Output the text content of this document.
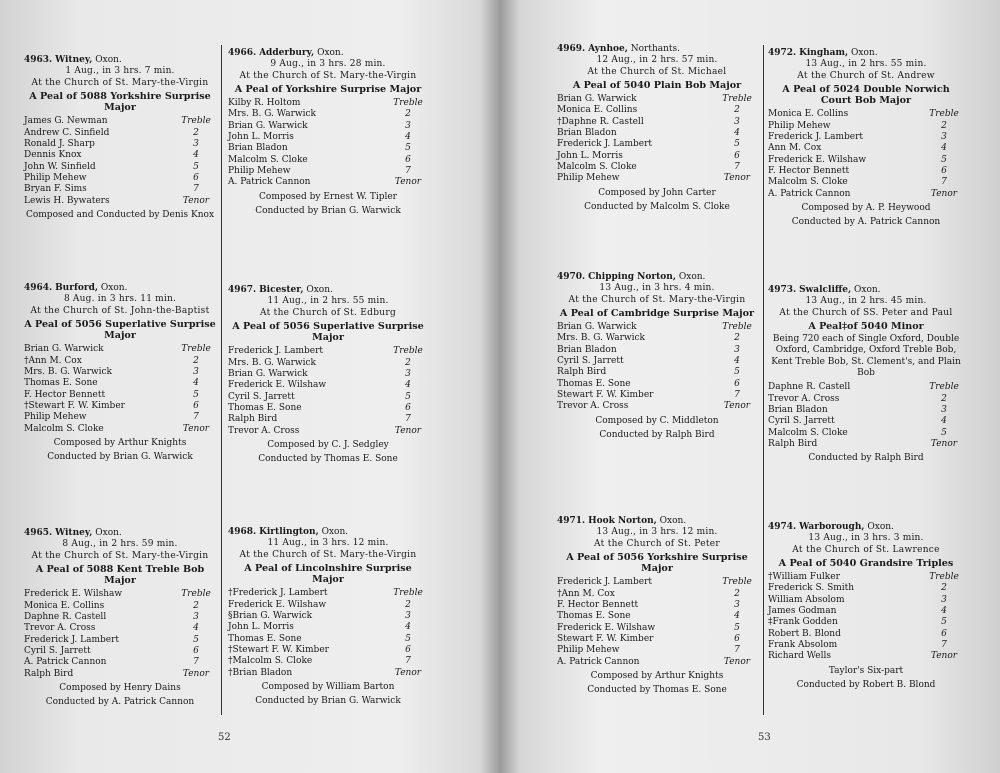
52	53
4963. Witney, Oxon.
1 Aug., in 3 hrs. 7 min.
At the Church of St. Mary-the-Virgin
A Peal of 5088 Yorkshire Surprise Major
James G. Newman	Treble
Andrew C. Sinfield	2
Ronald J. Sharp	3
Dennis Knox	4
John W. Sinfield	5
Philip Mehew	6
Bryan F. Sims	7
Lewis H. Bywaters	Tenor
Composed and Conducted by Denis Knox
4964. Burford, Oxon.
8 Aug. in 3 hrs. 11 min.
At the Church of St. John-the-Baptist
A Peal of 5056 Superlative Surprise Major
Brian G. Warwick	Treble
†Ann M. Cox	2
Mrs. B. G. Warwick	3
Thomas E. Sone	4
F. Hector Bennett	5
†Stewart F. W. Kimber	6
Philip Mehew	7
Malcolm S. Cloke	Tenor
Composed by Arthur Knights
Conducted by Brian G. Warwick
4965. Witney, Oxon.
8 Aug., in 2 hrs. 59 min.
At the Church of St. Mary-the-Virgin
A Peal of 5088 Kent Treble Bob Major
Frederick E. Wilshaw	Treble
Monica E. Collins	2
Daphne R. Castell	3
Trevor A. Cross	4
Frederick J. Lambert	5
Cyril S. Jarrett	6
A. Patrick Cannon	7
Ralph Bird	Tenor
Composed by Henry Dains
Conducted by A. Patrick Cannon
4966. Adderbury, Oxon.
9 Aug., in 3 hrs. 28 min.
At the Church of St. Mary-the-Virgin
A Peal of Yorkshire Surprise Major
Kilby R. Holtom	Treble
Mrs. B. G. Warwick	2
Brian G. Warwick	3
John L. Morris	4
Brian Bladon	5
Malcolm S. Cloke	6
Philip Mehew	7
A. Patrick Cannon	Tenor
Composed by Ernest W. Tipler
Conducted by Brian G. Warwick
4967. Bicester, Oxon.
11 Aug., in 2 hrs. 55 min.
At the Church of St. Edburg
A Peal of 5056 Superlative Surprise Major
Frederick J. Lambert	Treble
Mrs. B. G. Warwick	2
Brian G. Warwick	3
Frederick E. Wilshaw	4
Cyril S. Jarrett	5
Thomas E. Sone	6
Ralph Bird	7
Trevor A. Cross	Tenor
Composed by C. J. Sedgley
Conducted by Thomas E. Sone
4968. Kirtlington, Oxon.
11 Aug., in 3 hrs. 12 min.
At the Church of St. Mary-the-Virgin
A Peal of Lincolnshire Surprise Major
†Frederick J. Lambert	Treble
Frederick E. Wilshaw	2
§Brian G. Warwick	3
John L. Morris	4
Thomas E. Sone	5
†Stewart F. W. Kimber	6
†Malcolm S. Cloke	7
†Brian Bladon	Tenor
Composed by William Barton
Conducted by Brian G. Warwick
4969. Aynhoe, Northants.
12 Aug., in 2 hrs. 57 min.
At the Church of St. Michael
A Peal of 5040 Plain Bob Major
Brian G. Warwick	Treble
Monica E. Collins	2
†Daphne R. Castell	3
Brian Bladon	4
Frederick J. Lambert	5
John L. Morris	6
Malcolm S. Cloke	7
Philip Mehew	Tenor
Composed by John Carter
Conducted by Malcolm S. Cloke
4970. Chipping Norton, Oxon.
13 Aug., in 3 hrs. 4 min.
At the Church of St. Mary-the-Virgin
A Peal of Cambridge Surprise Major
Brian G. Warwick	Treble
Mrs. B. G. Warwick	2
Brian Bladon	3
Cyril S. Jarrett	4
Ralph Bird	5
Thomas E. Sone	6
Stewart F. W. Kimber	7
Trevor A. Cross	Tenor
Composed by C. Middleton
Conducted by Ralph Bird
4971. Hook Norton, Oxon.
13 Aug., in 3 hrs. 12 min.
At the Church of St. Peter
A Peal of 5056 Yorkshire Surprise Major
Frederick J. Lambert	Treble
†Ann M. Cox	2
F. Hector Bennett	3
Thomas E. Sone	4
Frederick E. Wilshaw	5
Stewart F. W. Kimber	6
Philip Mehew	7
A. Patrick Cannon	Tenor
Composed by Arthur Knights
Conducted by Thomas E. Sone
4972. Kingham, Oxon.
13 Aug., in 2 hrs. 55 min.
At the Church of St. Andrew
A Peal of 5024 Double Norwich Court Bob Major
Monica E. Collins	Treble
Philip Mehew	2
Frederick J. Lambert	3
Ann M. Cox	4
Frederick E. Wilshaw	5
F. Hector Bennett	6
Malcolm S. Cloke	7
A. Patrick Cannon	Tenor
Composed by A. P. Heywood
Conducted by A. Patrick Cannon
4973. Swalcliffe, Oxon.
13 Aug., in 2 hrs. 45 min.
At the Church of SS. Peter and Paul
A Peal‡of 5040 Minor
Being 720 each of Single Oxford, Double Oxford, Cambridge, Oxford Treble Bob, Kent Treble Bob, St. Clement's, and Plain Bob
Daphne R. Castell	Treble
Trevor A. Cross	2
Brian Bladon	3
Cyril S. Jarrett	4
Malcolm S. Cloke	5
Ralph Bird	Tenor
Conducted by Ralph Bird
4974. Warborough, Oxon.
13 Aug., in 3 hrs. 3 min.
At the Church of St. Lawrence
A Peal of 5040 Grandsire Triples
†William Fulker	Treble
Frederick S. Smith	2
William Absolom	3
James Godman	4
‡Frank Godden	5
Robert B. Blond	6
Frank Absolom	7
Richard Wells	Tenor
Taylor's Six-part
Conducted by Robert B. Blond
